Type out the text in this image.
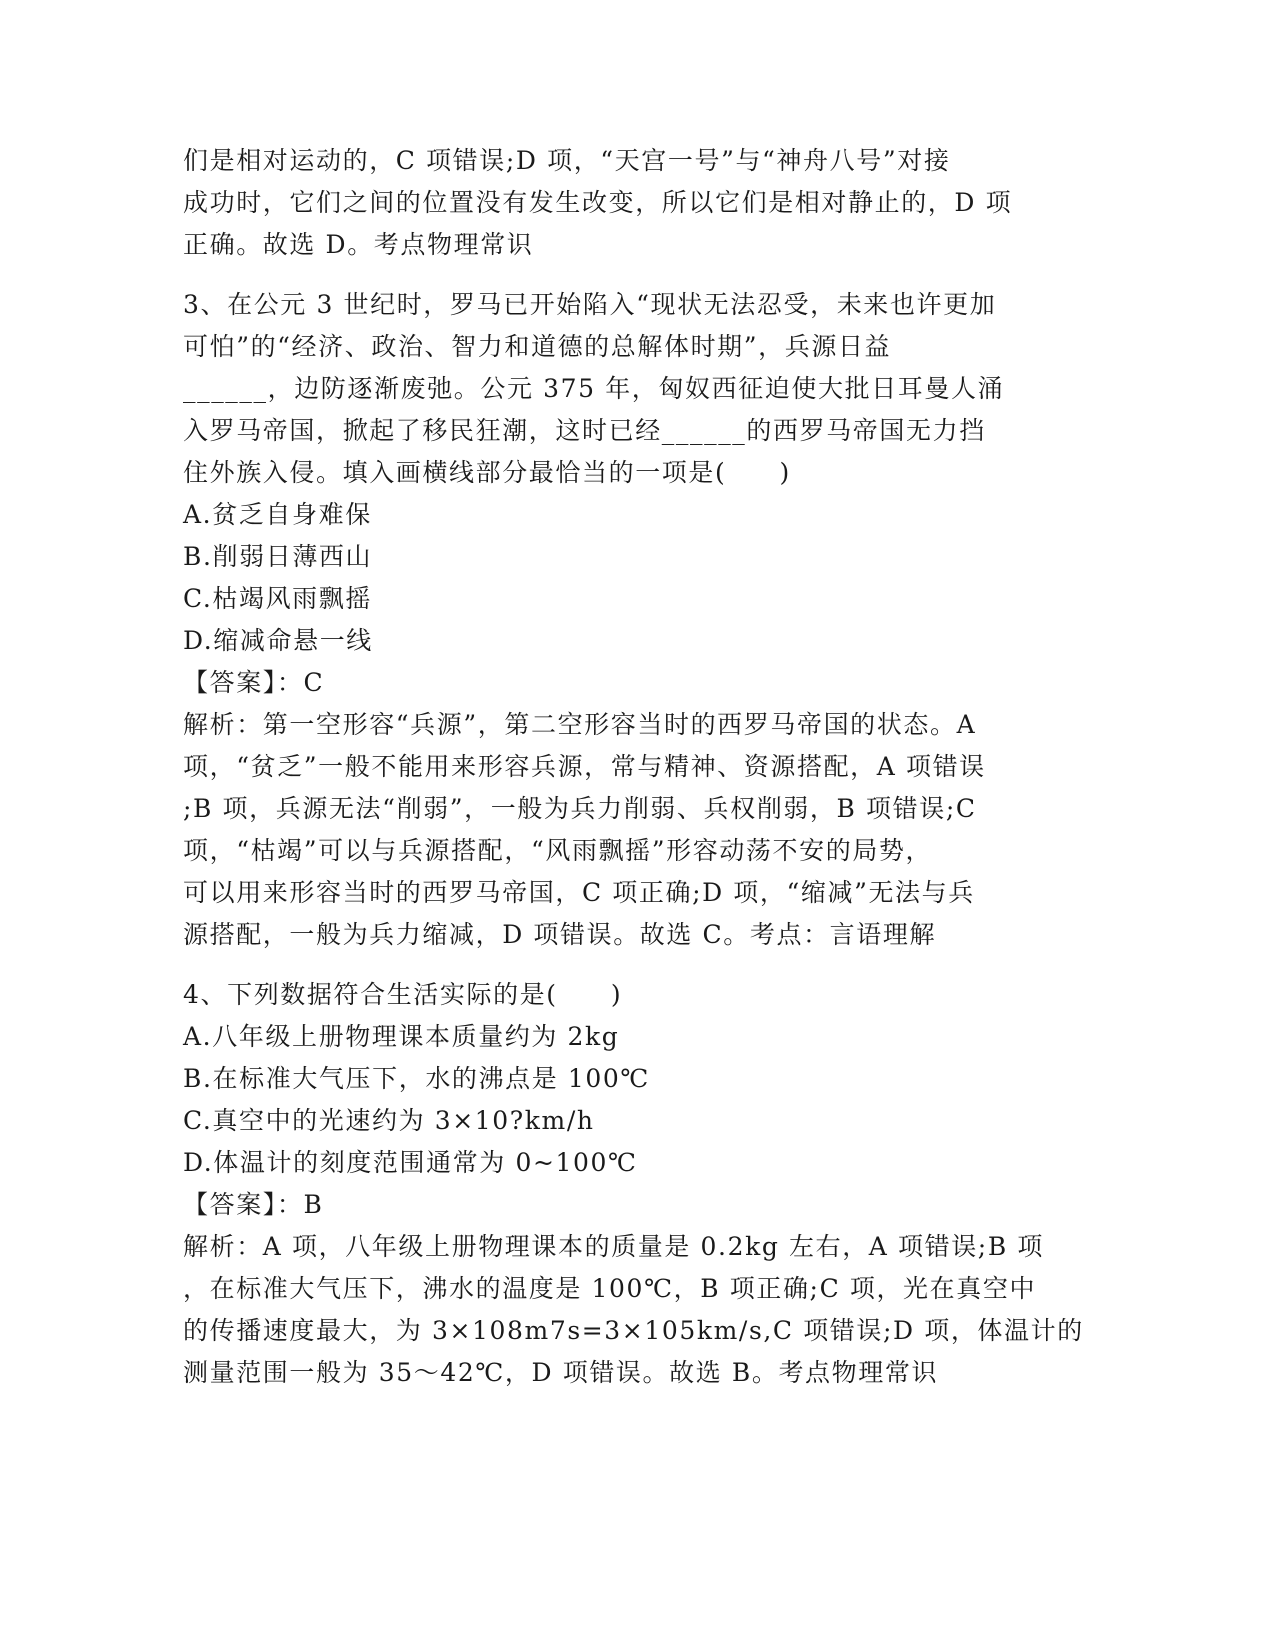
们是相对运动的，C 项错误;D 项，“天宫一号”与“神舟八号”对接
成功时，它们之间的位置没有发生改变，所以它们是相对静止的，D 项
正确。故选 D。考点物理常识
3、在公元 3 世纪时，罗马已开始陷入“现状无法忍受，未来也许更加
可怕”的“经济、政治、智力和道德的总解体时期”，兵源日益
______，边防逐渐废弛。公元 375 年，匈奴西征迫使大批日耳曼人涌
入罗马帝国，掀起了移民狂潮，这时已经______的西罗马帝国无力挡
住外族入侵。填入画横线部分最恰当的一项是(　　)
A.贫乏自身难保
B.削弱日薄西山
C.枯竭风雨飘摇
D.缩减命悬一线
【答案】：C
解析：第一空形容“兵源”，第二空形容当时的西罗马帝国的状态。A
项，“贫乏”一般不能用来形容兵源，常与精神、资源搭配，A 项错误
;B 项，兵源无法“削弱”，一般为兵力削弱、兵权削弱，B 项错误;C
项，“枯竭”可以与兵源搭配，“风雨飘摇”形容动荡不安的局势，
可以用来形容当时的西罗马帝国，C 项正确;D 项，“缩减”无法与兵
源搭配，一般为兵力缩减，D 项错误。故选 C。考点：言语理解
4、下列数据符合生活实际的是(　　)
A.八年级上册物理课本质量约为 2kg
B.在标准大气压下，水的沸点是 100℃
C.真空中的光速约为 3×10?km/h
D.体温计的刻度范围通常为 0~100℃
【答案】：B
解析：A 项，八年级上册物理课本的质量是 0.2kg 左右，A 项错误;B 项
，在标准大气压下，沸水的温度是 100℃，B 项正确;C 项，光在真空中
的传播速度最大，为 3×108m7s=3×105km/s,C 项错误;D 项，体温计的
测量范围一般为 35～42℃，D 项错误。故选 B。考点物理常识
